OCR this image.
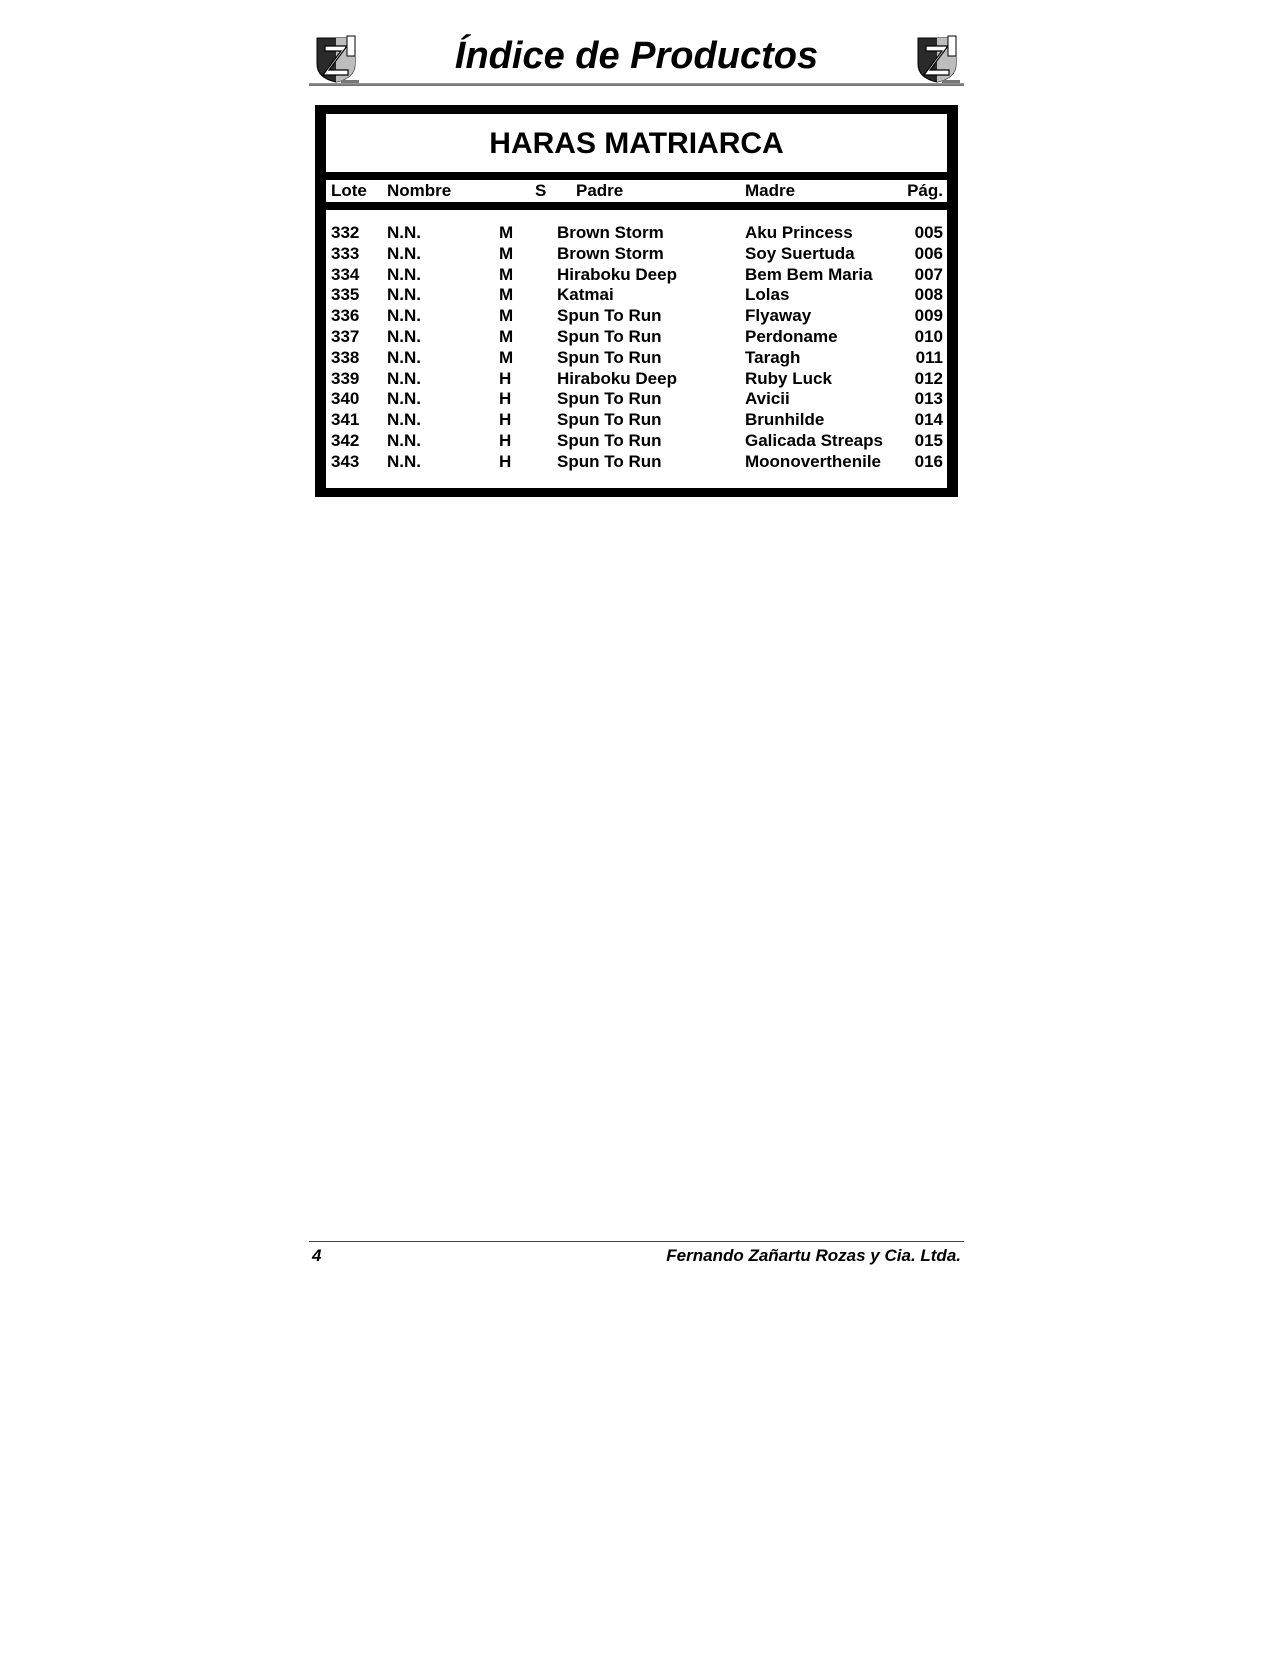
Índice de Productos
HARAS MATRIARCA
Lote Nombre	S Padre	Madre	Pág.
332 N.N.	M	Brown Storm	Aku Princess	005
333 N.N.	M	Brown Storm	Soy Suertuda	006
334 N.N.	M	Hiraboku Deep	Bem Bem Maria 007
335 N.N.	M	Katmai	Lolas	008
336 N.N.	M	Spun To Run	Flyaway	009
337 N.N.	M	Spun To Run	Perdoname	010
338 N.N.	M	Spun To Run	Taragh	011
339 N.N.	H	Hiraboku Deep	Ruby Luck	012
340 N.N.	H	Spun To Run	Avicii	013
341 N.N.	H	Spun To Run	Brunhilde	014
342 N.N.	H	Spun To Run	Galicada Streaps 015
343 N.N.	H	Spun To Run	Moonoverthenile 016
4	Fernando Zañartu Rozas y Cia. Ltda.
